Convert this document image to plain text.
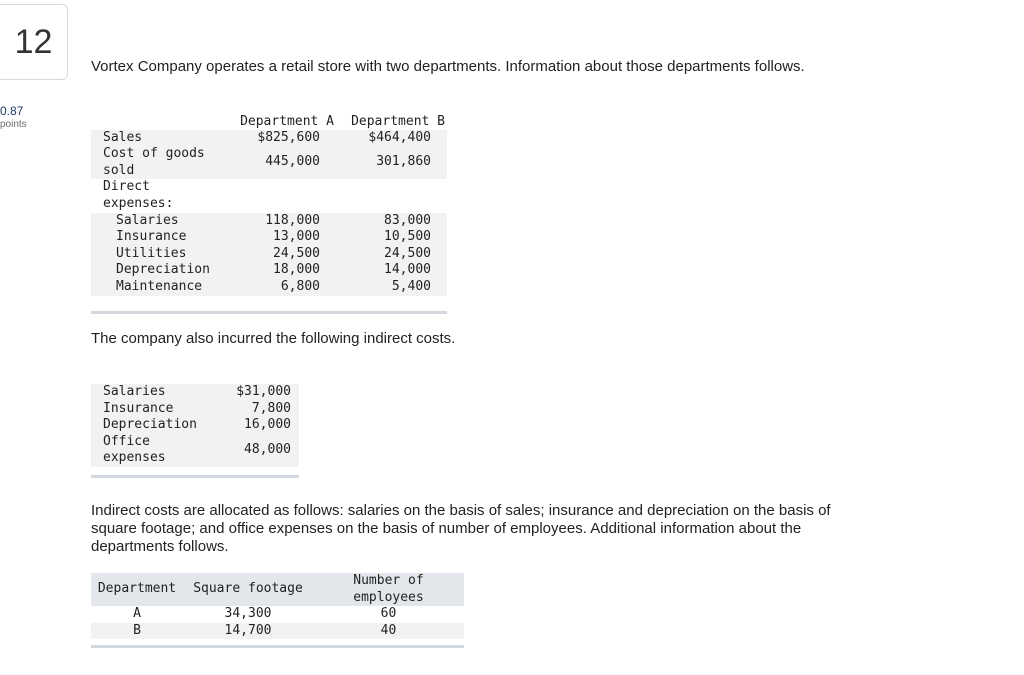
12
0.87
points

Vortex Company operates a retail store with two departments. Information about those departments follows.

	Department A	Department B
Sales	$825,600	$464,400
Cost of goods sold	445,000	301,860
Direct expenses:		
Salaries	118,000	83,000
Insurance	13,000	10,500
Utilities	24,500	24,500
Depreciation	18,000	14,000
Maintenance	6,800	5,400

The company also incurred the following indirect costs.

Salaries	$31,000
Insurance	7,800
Depreciation	16,000
Office expenses	48,000

Indirect costs are allocated as follows: salaries on the basis of sales; insurance and depreciation on the basis of square footage; and office expenses on the basis of number of employees. Additional information about the departments follows.

Department	Square footage	Number of employees
A	34,300	60
B	14,700	40
